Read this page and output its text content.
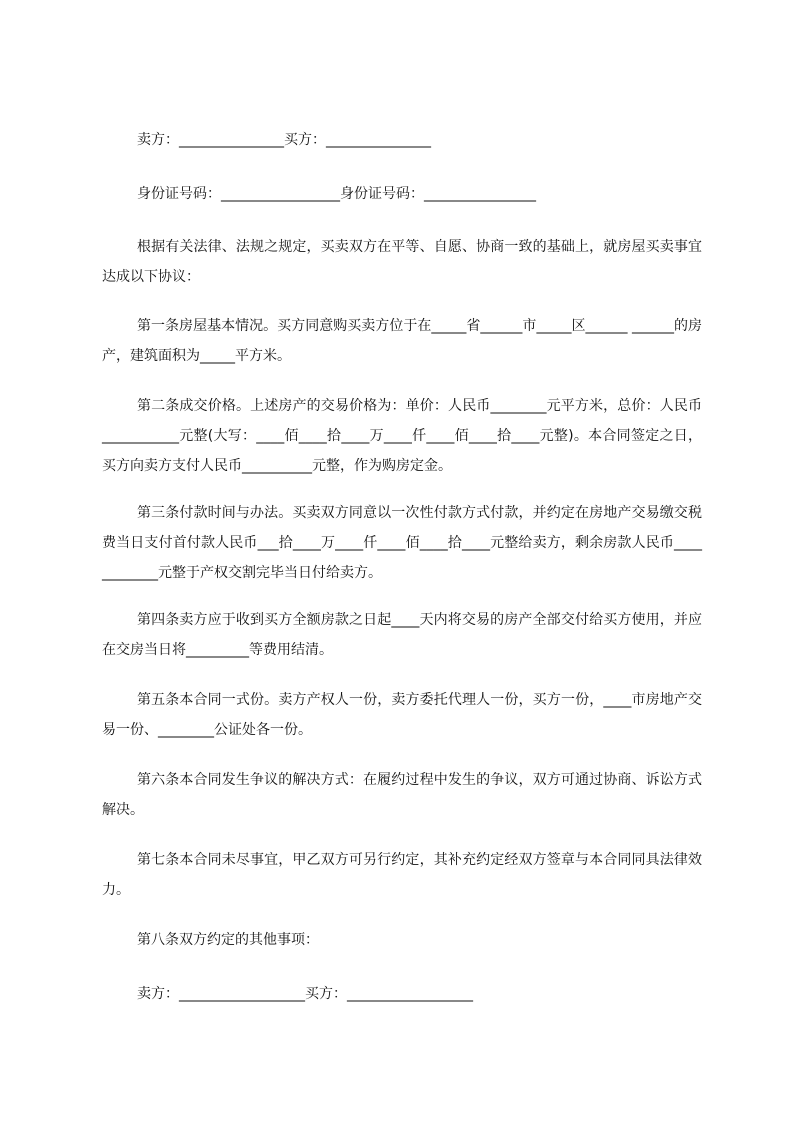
卖方：_______________买方：_______________

身份证号码：_________________身份证号码：________________

根据有关法律、法规之规定，买卖双方在平等、自愿、协商一致的基础上，就房屋买卖事宜达成以下协议：

第一条房屋基本情况。买方同意购买卖方位于在_____省______市_____区______ ______的房产，建筑面积为_____平方米。

第二条成交价格。上述房产的交易价格为：单价：人民币________元平方米，总价：人民币___________元整(大写：____佰____拾____万____仟____佰____拾____元整)。本合同签定之日，买方向卖方支付人民币__________元整，作为购房定金。

第三条付款时间与办法。买卖双方同意以一次性付款方式付款，并约定在房地产交易缴交税费当日支付首付款人民币___拾____万____仟____佰____拾____元整给卖方，剩余房款人民币____________元整于产权交割完毕当日付给卖方。

第四条卖方应于收到买方全额房款之日起____天内将交易的房产全部交付给买方使用，并应在交房当日将_________等费用结清。

第五条本合同一式份。卖方产权人一份，卖方委托代理人一份，买方一份，____市房地产交易一份、________公证处各一份。

第六条本合同发生争议的解决方式：在履约过程中发生的争议，双方可通过协商、诉讼方式解决。

第七条本合同未尽事宜，甲乙双方可另行约定，其补充约定经双方签章与本合同同具法律效力。

第八条双方约定的其他事项：

卖方：__________________买方：__________________
